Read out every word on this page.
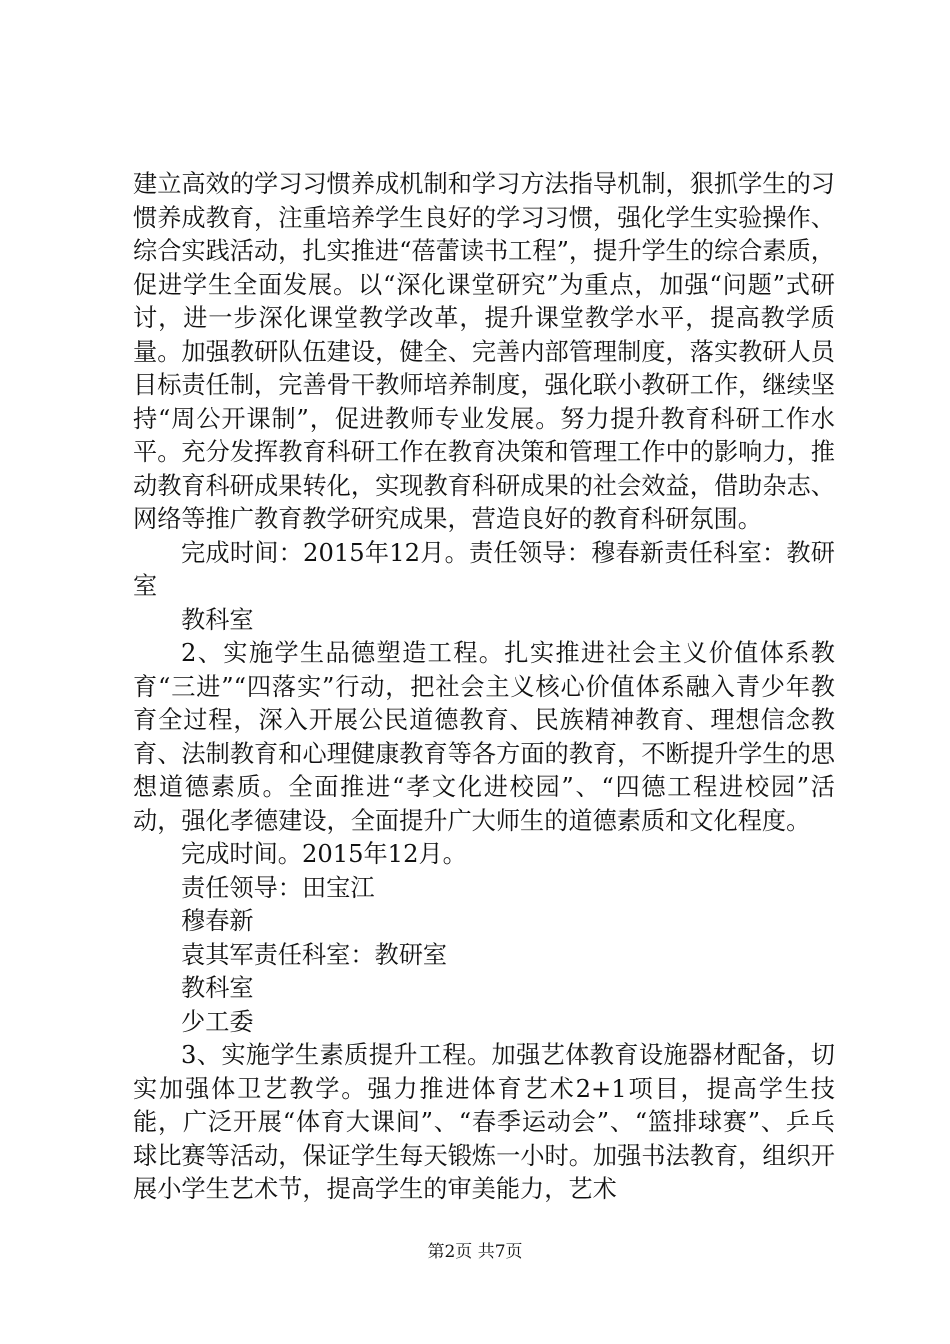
建立高效的学习习惯养成机制和学习方法指导机制，狠抓学生的习惯养成教育，注重培养学生良好的学习习惯，强化学生实验操作、综合实践活动，扎实推进“蓓蕾读书工程”，提升学生的综合素质，促进学生全面发展。以“深化课堂研究”为重点，加强“问题”式研讨，进一步深化课堂教学改革，提升课堂教学水平，提高教学质量。加强教研队伍建设，健全、完善内部管理制度，落实教研人员目标责任制，完善骨干教师培养制度，强化联小教研工作，继续坚持“周公开课制”，促进教师专业发展。努力提升教育科研工作水平。充分发挥教育科研工作在教育决策和管理工作中的影响力，推动教育科研成果转化，实现教育科研成果的社会效益，借助杂志、网络等推广教育教学研究成果，营造良好的教育科研氛围。

完成时间：2015年12月。责任领导：穆春新责任科室：教研室

教科室

2、实施学生品德塑造工程。扎实推进社会主义价值体系教育“三进”“四落实”行动，把社会主义核心价值体系融入青少年教育全过程，深入开展公民道德教育、民族精神教育、理想信念教育、法制教育和心理健康教育等各方面的教育，不断提升学生的思想道德素质。全面推进“孝文化进校园”、“四德工程进校园”活动，强化孝德建设，全面提升广大师生的道德素质和文化程度。

完成时间。2015年12月。

责任领导：田宝江

穆春新

袁其军责任科室：教研室

教科室

少工委

3、实施学生素质提升工程。加强艺体教育设施器材配备，切实加强体卫艺教学。强力推进体育艺术2+1项目，提高学生技能，广泛开展“体育大课间”、“春季运动会”、“篮排球赛”、乒乓球比赛等活动，保证学生每天锻炼一小时。加强书法教育，组织开展小学生艺术节，提高学生的审美能力，艺术

第2页 共7页
